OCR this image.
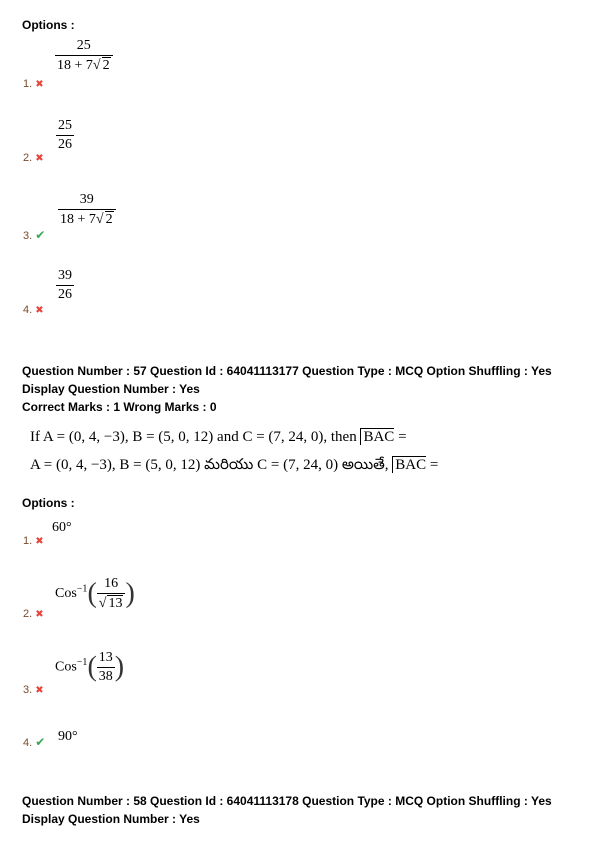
Options :
$\frac{25}{18 + 7√ 2}$
1. ✖
$\frac{25}{26}$
2. ✖
$\frac{39}{18 + 7√ 2}$
3. ✔
$\frac{39}{26}$
4. ✖
Question Number : 57 Question Id : 64041113177 Question Type : MCQ Option Shuffling : Yes
Display Question Number : Yes
Correct Marks : 1 Wrong Marks : 0
If A = (0, 4, −3), B = (5, 0, 12) and C = (7, 24, 0), then BAC =
A = (0, 4, −3), B = (5, 0, 12) మరియు C = (7, 24, 0) అయితే, BAC =
Options :
60°
1. ✖
$Cos^{-1}( \frac{16}{√ 13}$ )
2. ✖
$Cos^{-1}( \frac{13}{38}$ )
3. ✖
4. ✔ 90°
Question Number : 58 Question Id : 64041113178 Question Type : MCQ Option Shuffling : Yes
Display Question Number : Yes
